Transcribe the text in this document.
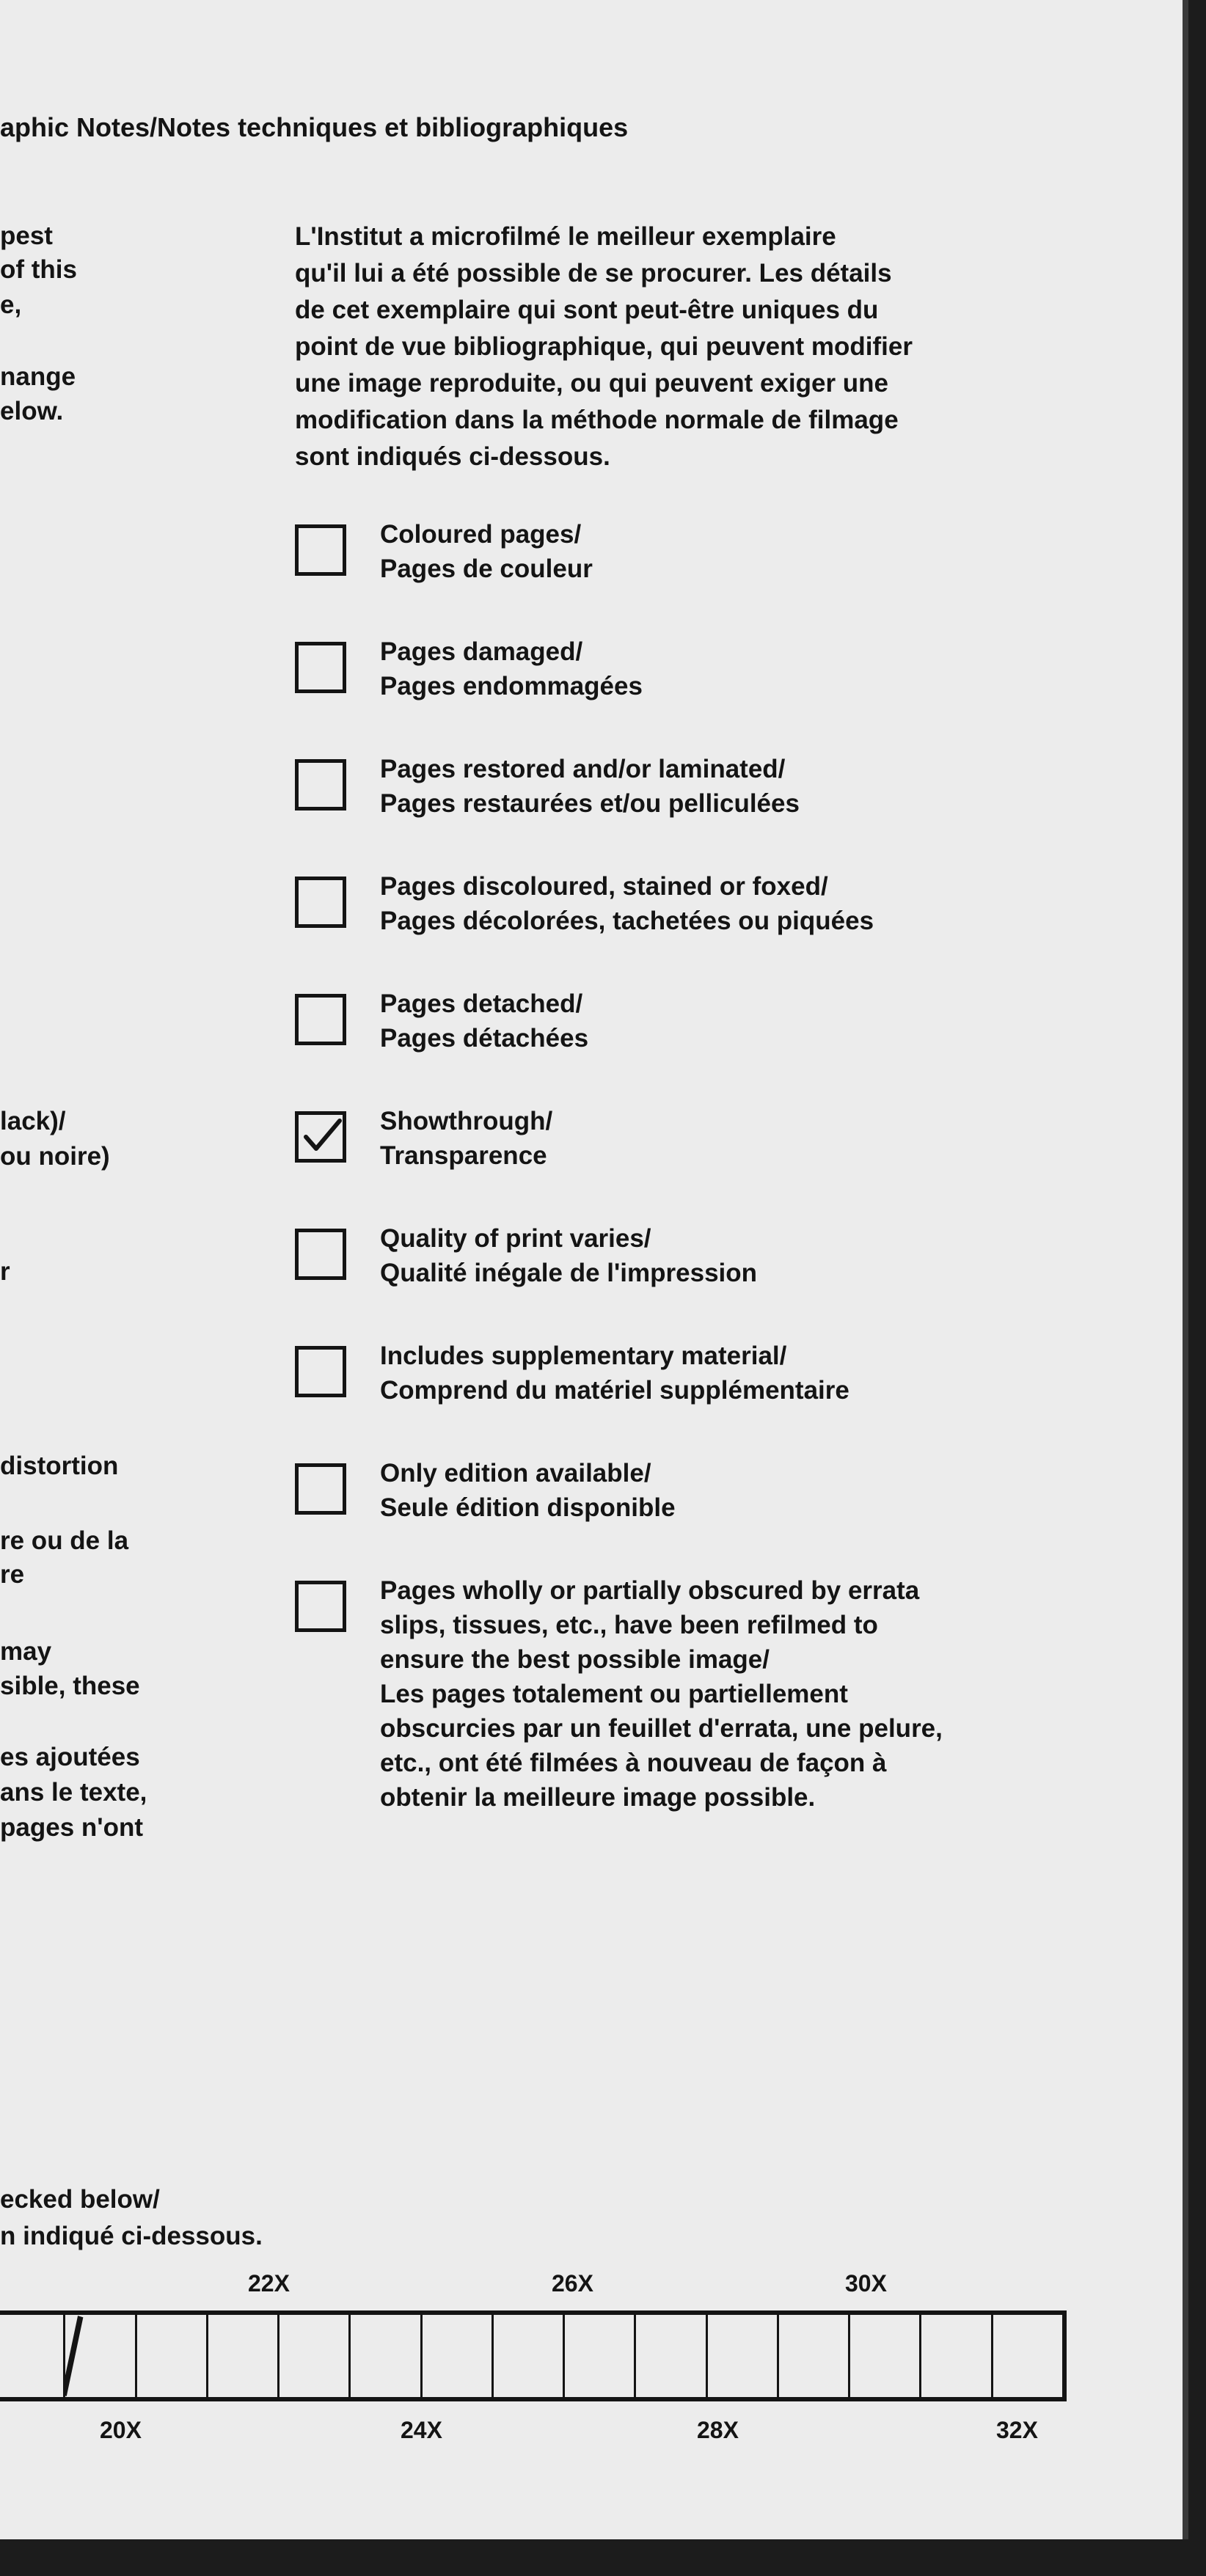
aphic Notes/Notes techniques et bibliographiques
pest
of this
e,
nange
elow.
lack)/
ou noire)
r
distortion
re ou de la
re
may
sible, these
es ajoutées
ans le texte,
pages n'ont
ecked below/
n indiqué ci-dessous.
L'Institut a microfilmé le meilleur exemplaire
qu'il lui a été possible de se procurer. Les détails
de cet exemplaire qui sont peut-être uniques du
point de vue bibliographique, qui peuvent modifier
une image reproduite, ou qui peuvent exiger une
modification dans la méthode normale de filmage
sont indiqués ci-dessous.
Coloured pages/
Pages de couleur
Pages damaged/
Pages endommagées
Pages restored and/or laminated/
Pages restaurées et/ou pelliculées
Pages discoloured, stained or foxed/
Pages décolorées, tachetées ou piquées
Pages detached/
Pages détachées
Showthrough/
Transparence
Quality of print varies/
Qualité inégale de l'impression
Includes supplementary material/
Comprend du matériel supplémentaire
Only edition available/
Seule édition disponible
Pages wholly or partially obscured by errata
slips, tissues, etc., have been refilmed to
ensure the best possible image/
Les pages totalement ou partiellement
obscurcies par un feuillet d'errata, une pelure,
etc., ont été filmées à nouveau de façon à
obtenir la meilleure image possible.
22X	26X	30X
20X	24X	28X	32X
